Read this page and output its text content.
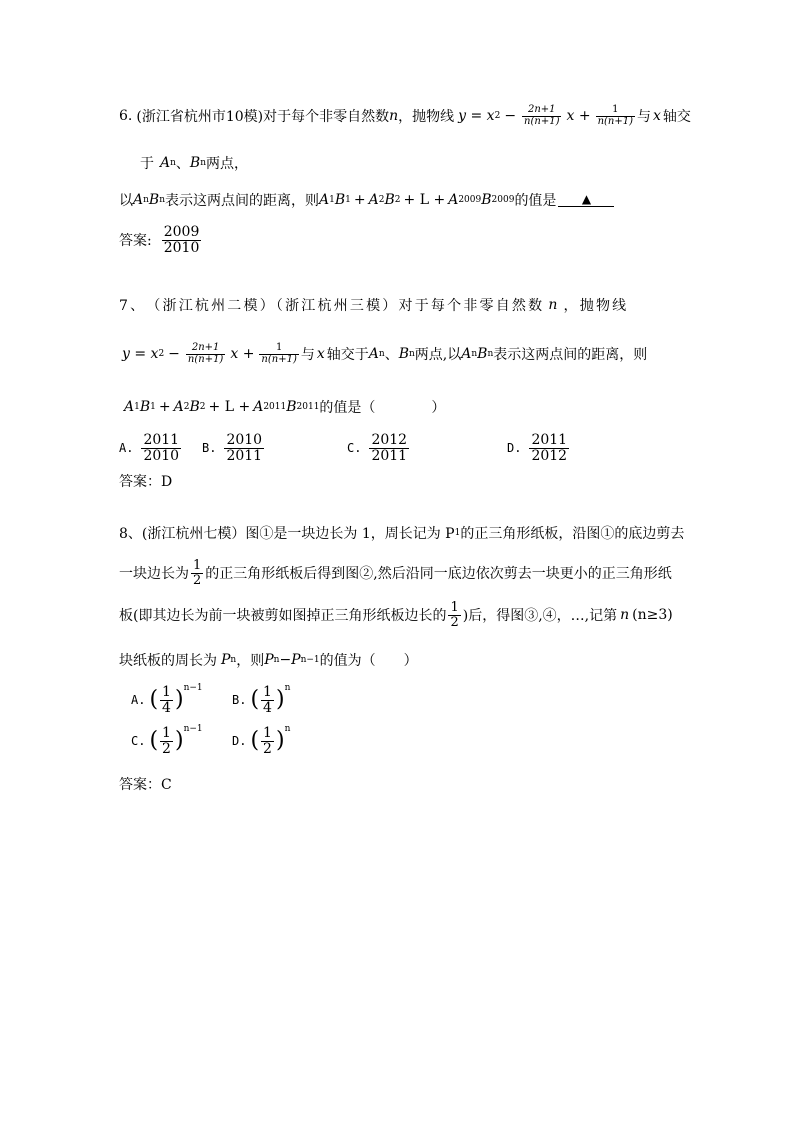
6. (浙江省杭州市10模) 对于每个非零自然数 n ，抛物线 y = x $2 - \frac{2n+1}{n(n+1)}$ $x + \frac{1}{n(n+1)}$ 与 x 轴交
于 A n 、 B n 两点，
以 A n B n 表示这两点间的距离，则 A 1 B 1 + A 2 B 2 + L + A 2009 B 2009 的值是	▲
答案: $\frac{2009}{2010}$
7、 （浙江杭州二模）（浙江杭州三模） 对于每个非零自然数 n ，抛物线
y = x $2 - \frac{2n+1}{n(n+1)}$ $x + \frac{1}{n(n+1)}$ 与 x 轴交于 A n 、 B n 两点,以 A n B n 表示这两点间的距离，则
A 1 B 1 + A 2 B 2 + L + A 2011 B 2011 的值是（　　　　）
A. $\frac{2011}{2010} B$. $\frac{2010}{2011}$	C. $\frac{2012}{2011}$	D. $\frac{2011}{2012}$
答案：D
8、(浙江杭州七模）图①是一块边长为 1，周长记为 P 1 的正三角形纸板，沿图①的底边剪去
一块边长为 $\frac{1}{2}$ 的正三角形纸板后得到图②,然后沿同一底边依次剪去一块更小的正三角形纸
板(即其边长为前一块被剪如图掉正三角形纸板边长的 $\frac{1}{2}$ )后，得图③,④，…,记第 n (n≥3)
块纸板的周长为 P n ，则 P n − P n−1 的值为（　　）
A. ( $\frac{1}{4} )^{n-1}$
B. ( $\frac{1}{4} )^n$
C. ( $\frac{1}{2} )^{n-1}$
D. ( $\frac{1}{2} )^n$
答案：C
